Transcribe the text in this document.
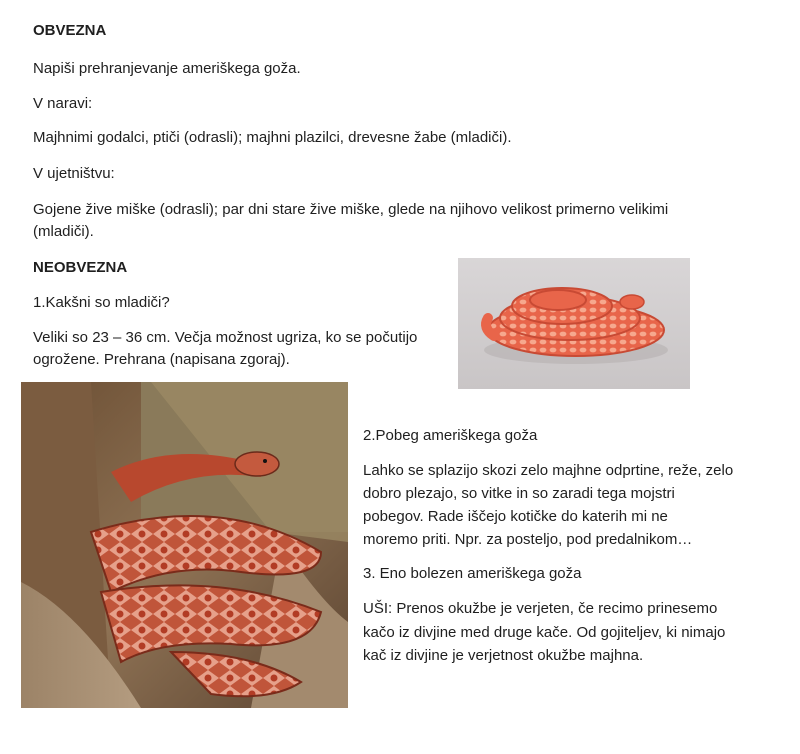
OBVEZNA

Napiši prehranjevanje ameriškega goža.

V naravi:

Majhnimi godalci, ptiči (odrasli); majhni plazilci, drevesne žabe (mladiči).

V ujetništvu:

Gojene žive miške (odrasli); par dni stare žive miške, glede na njihovo velikost primerno velikimi

(mladiči).

NEOBVEZNA

1.Kakšni so mladiči?

Veliki so 23 – 36 cm. Večja možnost ugriza, ko se počutijo

ogrožene. Prehrana (napisana zgoraj).

2.Pobeg ameriškega goža

Lahko se splazijo skozi zelo majhne odprtine, reže, zelo

dobro plezajo, so vitke in so zaradi tega mojstri

pobegov. Rade iščejo kotičke do katerih mi ne

moremo priti. Npr. za posteljo, pod predalnikom…

3. Eno bolezen ameriškega goža

UŠI: Prenos okužbe je verjeten, če recimo prinesemo

kačo iz divjine med druge kače. Od gojiteljev, ki nimajo

kač iz divjine je verjetnost okužbe majhna.
